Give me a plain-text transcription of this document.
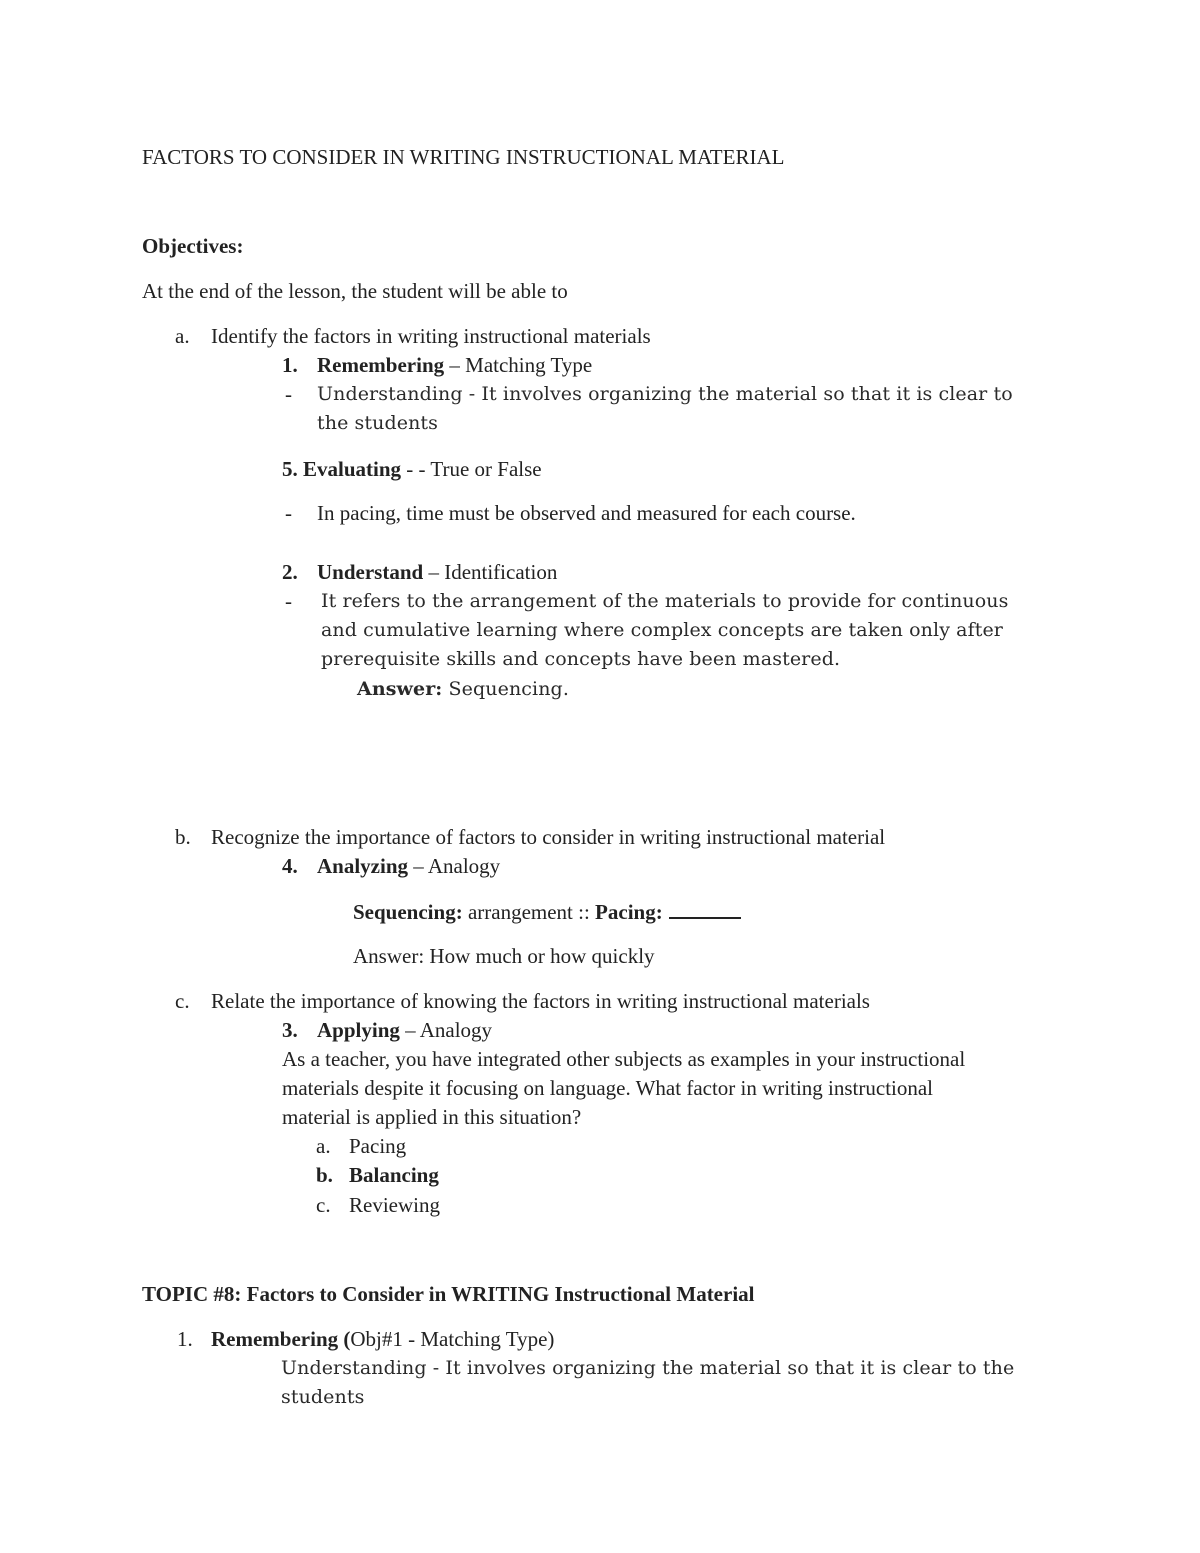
FACTORS TO CONSIDER IN WRITING INSTRUCTIONAL MATERIAL
Objectives:
At the end of the lesson, the student will be able to
a. Identify the factors in writing instructional materials
1. Remembering – Matching Type
- Understanding - It involves organizing the material so that it is clear to
the students
5. Evaluating - - True or False
- In pacing, time must be observed and measured for each course.
2. Understand – Identification
- It refers to the arrangement of the materials to provide for continuous
and cumulative learning where complex concepts are taken only after
prerequisite skills and concepts have been mastered.
Answer: Sequencing.
b. Recognize the importance of factors to consider in writing instructional material
4. Analyzing – Analogy
Sequencing: arrangement :: Pacing:
Answer: How much or how quickly
c. Relate the importance of knowing the factors in writing instructional materials
3. Applying – Analogy
As a teacher, you have integrated other subjects as examples in your instructional
materials despite it focusing on language. What factor in writing instructional
material is applied in this situation?
a. Pacing
b. Balancing
c. Reviewing
TOPIC #8: Factors to Consider in WRITING Instructional Material
1. Remembering (Obj#1 - Matching Type)
Understanding - It involves organizing the material so that it is clear to the
students
